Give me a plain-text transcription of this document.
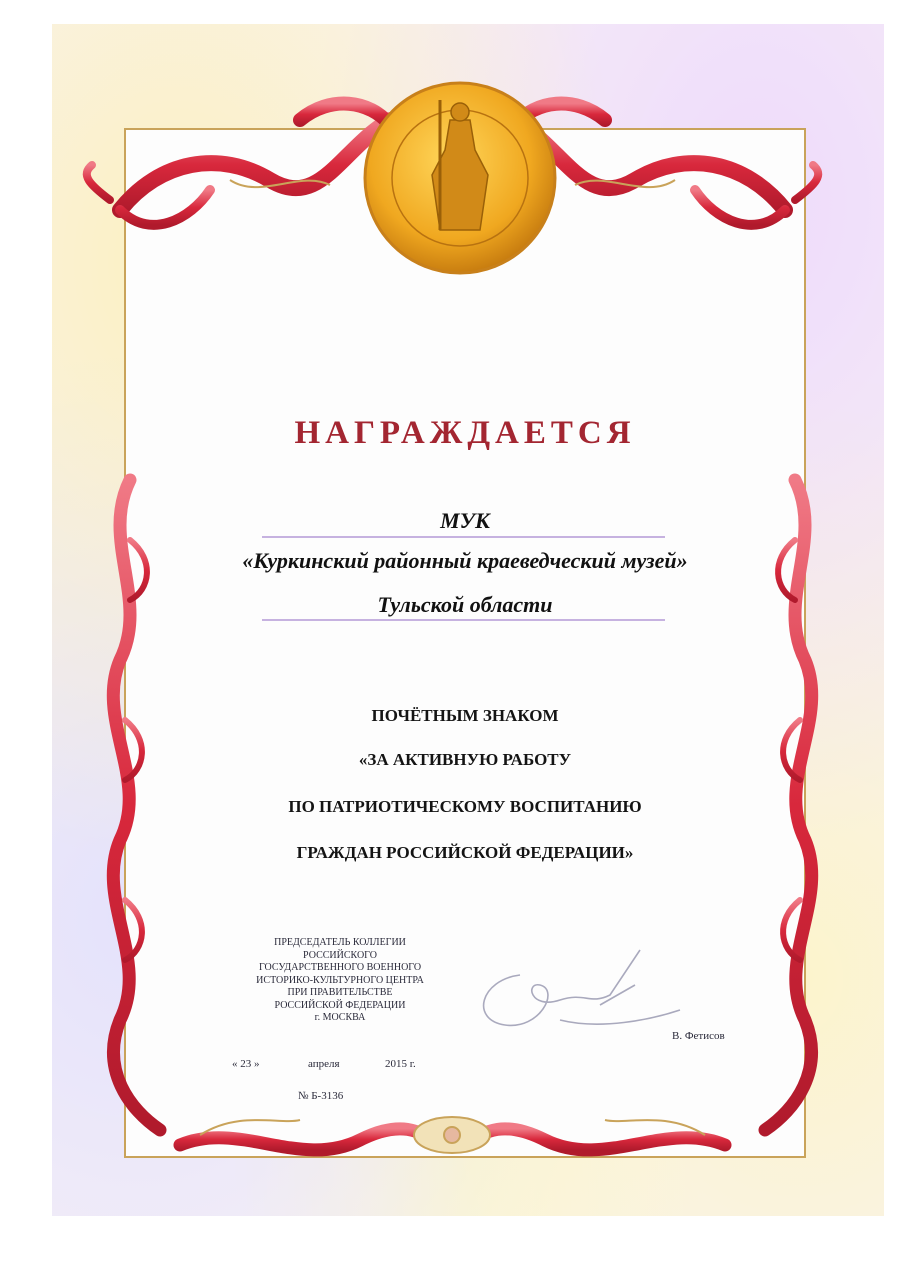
НАГРАЖДАЕТСЯ
МУК
«Куркинский районный краеведческий музей»
Тульской области
ПОЧЁТНЫМ ЗНАКОМ
«ЗА АКТИВНУЮ РАБОТУ
ПО ПАТРИОТИЧЕСКОМУ ВОСПИТАНИЮ
ГРАЖДАН РОССИЙСКОЙ ФЕДЕРАЦИИ»
ПРЕДСЕДАТЕЛЬ КОЛЛЕГИИ
РОССИЙСКОГО
ГОСУДАРСТВЕННОГО ВОЕННОГО
ИСТОРИКО-КУЛЬТУРНОГО ЦЕНТРА
ПРИ ПРАВИТЕЛЬСТВЕ
РОССИЙСКОЙ ФЕДЕРАЦИИ
г. МОСКВА
В. Фетисов
« 23 »	апреля	2015 г.
№ Б-3136
